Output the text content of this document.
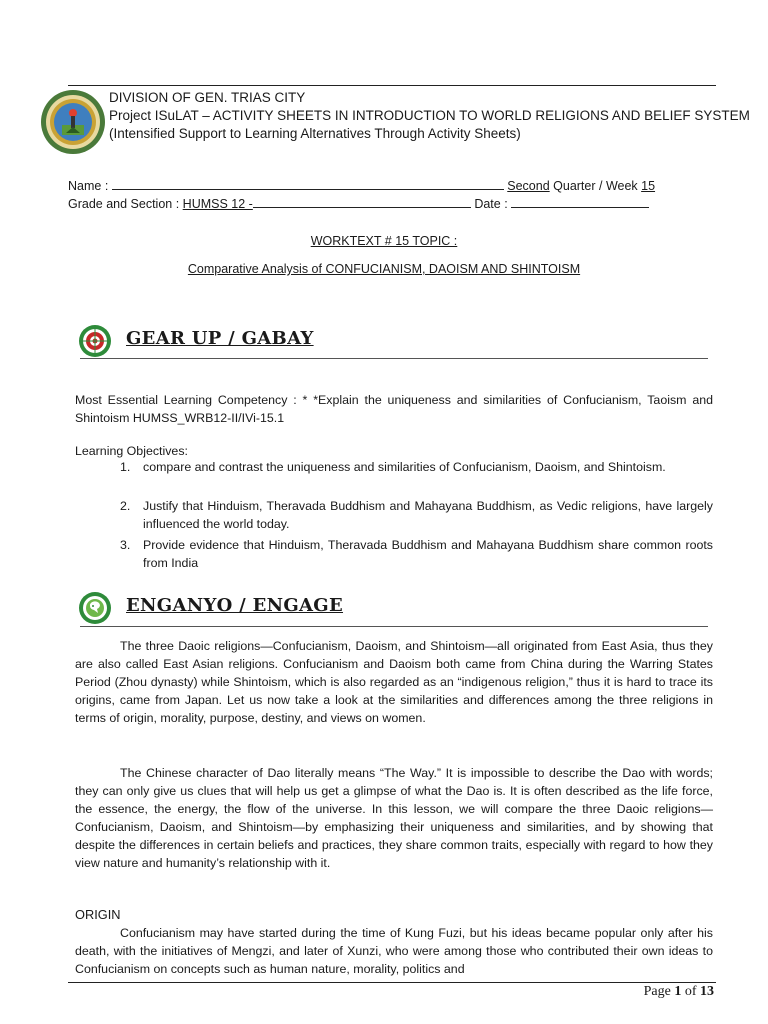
DIVISION OF GEN. TRIAS CITY
Project ISuLAT – ACTIVITY SHEETS IN INTRODUCTION TO WORLD RELIGIONS AND BELIEF SYSTEM
(Intensified Support to Learning Alternatives Through Activity Sheets)
Name :	Second Quarter / Week 15
Grade and Section : HUMSS 12 -	Date :
WORKTEXT # 15 TOPIC :
Comparative Analysis of CONFUCIANISM, DAOISM AND SHINTOISM
GEAR UP / GABAY
Most Essential Learning Competency : * *Explain the uniqueness and similarities of Confucianism, Taoism and Shintoism HUMSS_WRB12-II/IVi-15.1
Learning Objectives:
1. compare and contrast the uniqueness and similarities of Confucianism, Daoism, and Shintoism.
2. Justify that Hinduism, Theravada Buddhism and Mahayana Buddhism, as Vedic religions, have largely influenced the world today.
3. Provide evidence that Hinduism, Theravada Buddhism and Mahayana Buddhism share common roots from India
ENGANYO / ENGAGE
The three Daoic religions—Confucianism, Daoism, and Shintoism—all originated from East Asia, thus they are also called East Asian religions. Confucianism and Daoism both came from China during the Warring States Period (Zhou dynasty) while Shintoism, which is also regarded as an “indigenous religion,” thus it is hard to trace its origins, came from Japan. Let us now take a look at the similarities and differences among the three religions in terms of origin, morality, purpose, destiny, and views on women.
The Chinese character of Dao literally means “The Way.” It is impossible to describe the Dao with words; they can only give us clues that will help us get a glimpse of what the Dao is. It is often described as the life force, the essence, the energy, the flow of the universe. In this lesson, we will compare the three Daoic religions—Confucianism, Daoism, and Shintoism—by emphasizing their uniqueness and similarities, and by showing that despite the differences in certain beliefs and practices, they share common traits, especially with regard to how they view nature and humanity’s relationship with it.
ORIGIN
Confucianism may have started during the time of Kung Fuzi, but his ideas became popular only after his death, with the initiatives of Mengzi, and later of Xunzi, who were among those who contributed their own ideas to Confucianism on concepts such as human nature, morality, politics and
Page 1 of 13
